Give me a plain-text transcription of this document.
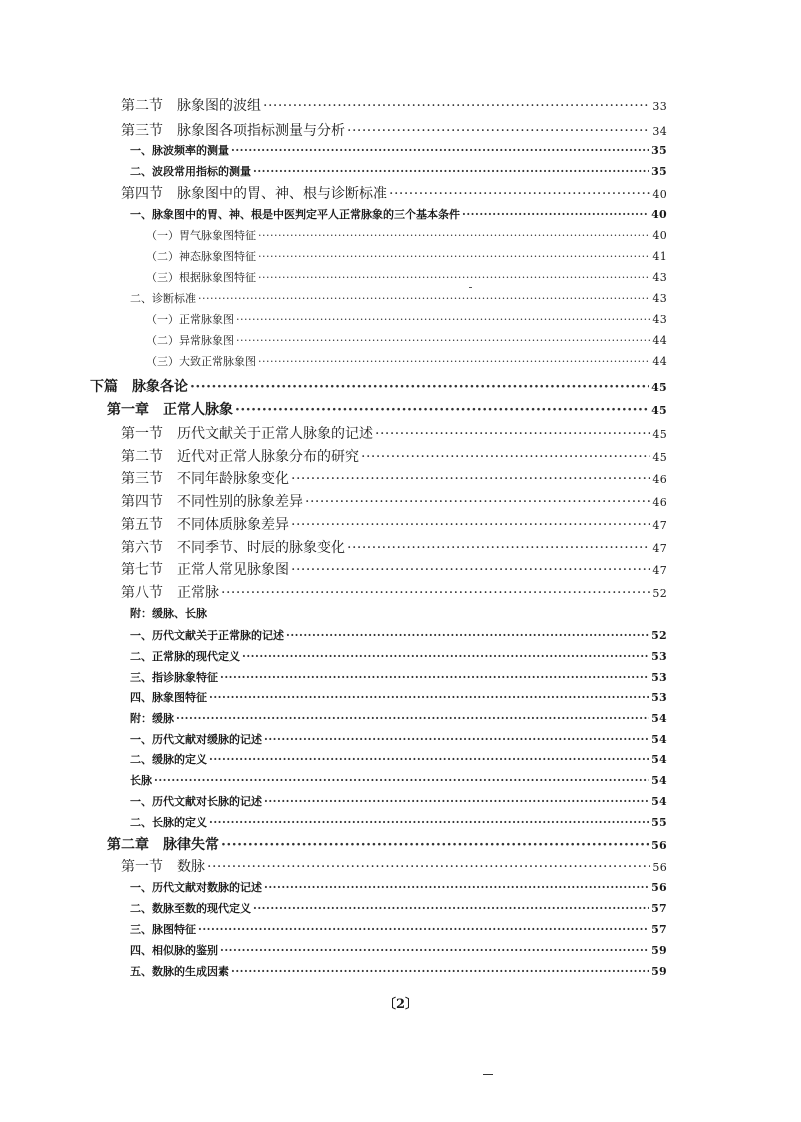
第二节　脉象图的波组 ·····	33
第三节　脉象图各项指标测量与分析 ·····	34
一、脉波频率的测量 ·····	35
二、波段常用指标的测量 ·····	35
第四节　脉象图中的胃、神、根与诊断标准 ·····	40
一、脉象图中的胃、神、根是中医判定平人正常脉象的三个基本条件 ·····	40
（一）胃气脉象图特征 ·····	40
（二）神态脉象图特征 ·····	41
（三）根据脉象图特征 ·····	43
二、诊断标准 ·····	43
（一）正常脉象图 ·····	43
（二）异常脉象图 ·····	44
（三）大致正常脉象图 ·····	44
下篇　脉象各论 ·····	45
第一章　正常人脉象 ·····	45
第一节　历代文献关于正常人脉象的记述 ·····	45
第二节　近代对正常人脉象分布的研究 ·····	45
第三节　不同年龄脉象变化 ·····	46
第四节　不同性别的脉象差异 ·····	46
第五节　不同体质脉象差异 ·····	47
第六节　不同季节、时辰的脉象变化 ·····	47
第七节　正常人常见脉象图 ·····	47
第八节　正常脉 ·····	52
附：缓脉、长脉
一、历代文献关于正常脉的记述 ·····	52
二、正常脉的现代定义 ·····	53
三、指诊脉象特征 ·····	53
四、脉象图特征 ·····	53
附：缓脉 ·····	54
一、历代文献对缓脉的记述 ·····	54
二、缓脉的定义 ·····	54
长脉 ·····	54
一、历代文献对长脉的记述 ·····	54
二、长脉的定义 ·····	55
第二章　脉律失常 ·····	56
第一节　数脉 ·····	56
一、历代文献对数脉的记述 ·····	56
二、数脉至数的现代定义 ·····	57
三、脉图特征 ·····	57
四、相似脉的鉴别 ·····	59
五、数脉的生成因素 ·····	59
〔2〕
